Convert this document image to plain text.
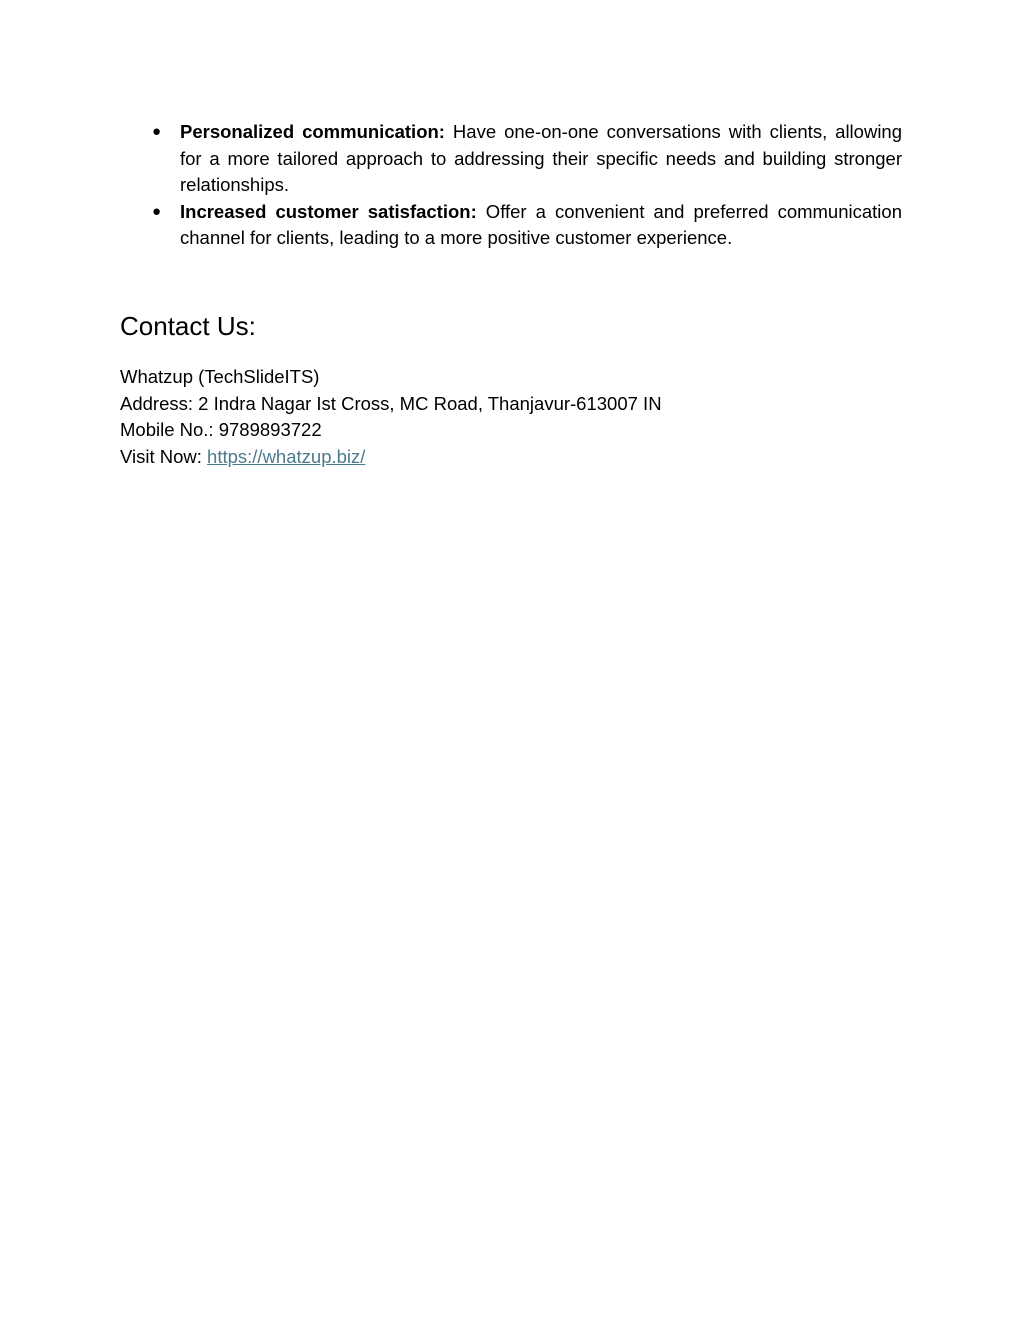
● Personalized communication: Have one-on-one conversations with clients, allowing for a more tailored approach to addressing their specific needs and building stronger relationships.
● Increased customer satisfaction: Offer a convenient and preferred communication channel for clients, leading to a more positive customer experience.
Contact Us:
Whatzup (TechSlideITS)
Address: 2 Indra Nagar Ist Cross, MC Road, Thanjavur-613007 IN
Mobile No.: 9789893722
Visit Now: https://whatzup.biz/
